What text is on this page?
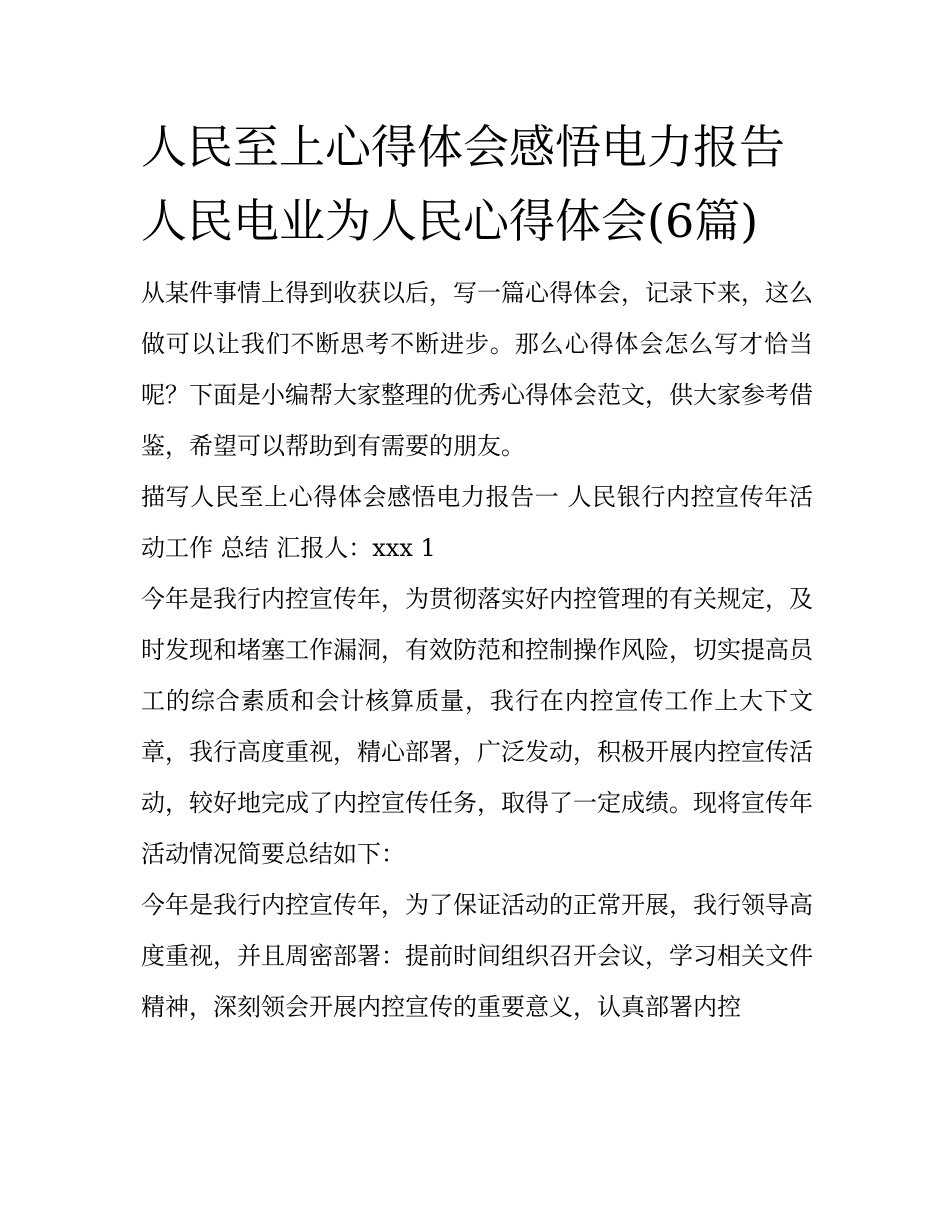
人民至上心得体会感悟电力报告 人民电业为人民心得体会(6篇)

从某件事情上得到收获以后，写一篇心得体会，记录下来，这么做可以让我们不断思考不断进步。那么心得体会怎么写才恰当呢？下面是小编帮大家整理的优秀心得体会范文，供大家参考借鉴，希望可以帮助到有需要的朋友。

描写人民至上心得体会感悟电力报告一 人民银行内控宣传年活动工作 总结 汇报人：xxx 1

今年是我行内控宣传年，为贯彻落实好内控管理的有关规定，及时发现和堵塞工作漏洞，有效防范和控制操作风险，切实提高员工的综合素质和会计核算质量，我行在内控宣传工作上大下文章，我行高度重视，精心部署，广泛发动，积极开展内控宣传活动，较好地完成了内控宣传任务，取得了一定成绩。现将宣传年活动情况简要总结如下：

今年是我行内控宣传年，为了保证活动的正常开展，我行领导高度重视，并且周密部署：提前时间组织召开会议，学习相关文件精神，深刻领会开展内控宣传的重要意义，认真部署内控
